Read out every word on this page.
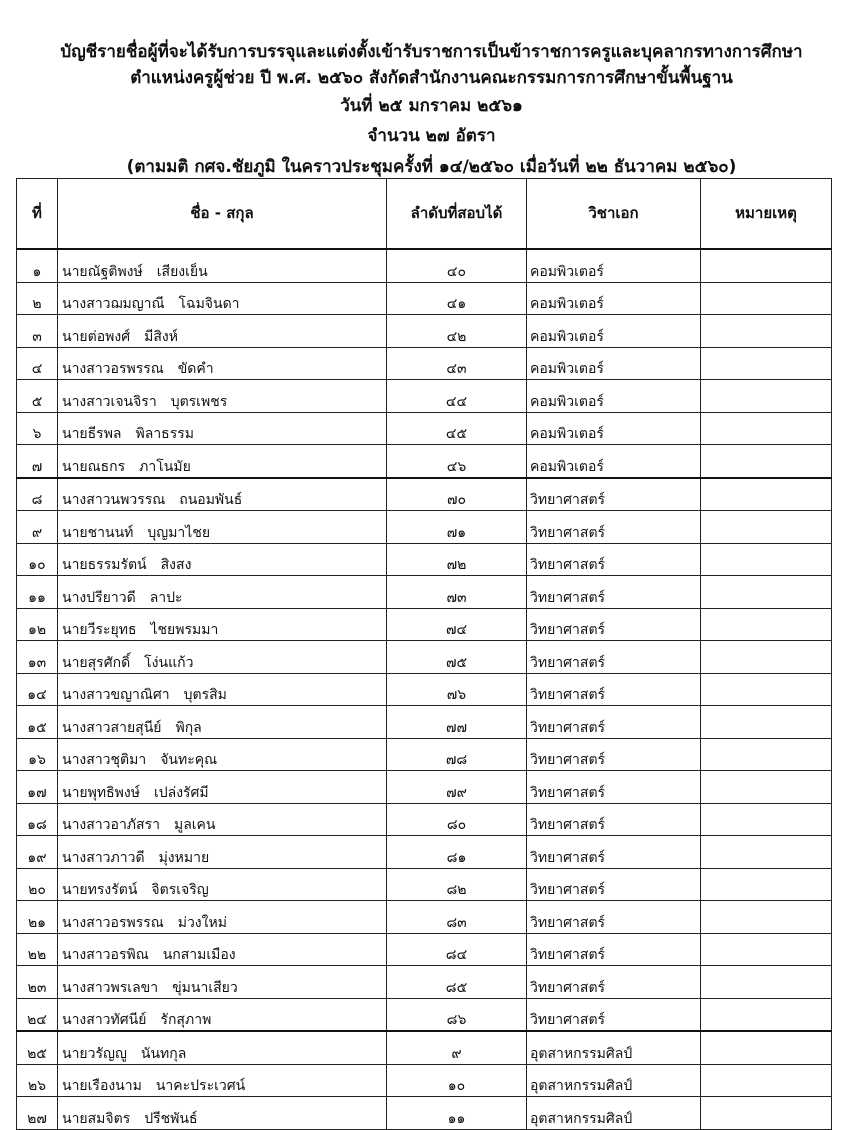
บัญชีรายชื่อผู้ที่จะได้รับการบรรจุและแต่งตั้งเข้ารับราชการเป็นข้าราชการครูและบุคลากรทางการศึกษา
ตำแหน่งครูผู้ช่วย ปี พ.ศ. ๒๕๖๐ สังกัดสำนักงานคณะกรรมการการศึกษาขั้นพื้นฐาน
วันที่ ๒๕ มกราคม ๒๕๖๑
จำนวน ๒๗ อัตรา
(ตามมติ กศจ.ชัยภูมิ ในคราวประชุมครั้งที่ ๑๔/๒๕๖๐ เมื่อวันที่ ๒๒ ธันวาคม ๒๕๖๐)
ที่	ชื่อ - สกุล	ลำดับที่สอบได้	วิชาเอก	หมายเหตุ
๑	นายณัฐติพงษ์ เสียงเย็น	๔๐	คอมพิวเตอร์	
๒	นางสาวฌมญาณี โฉมจินดา	๔๑	คอมพิวเตอร์	
๓	นายต่อพงศ์ มีสิงห์	๔๒	คอมพิวเตอร์	
๔	นางสาวอรพรรณ ขัดคำ	๔๓	คอมพิวเตอร์	
๕	นางสาวเจนจิรา บุตรเพชร	๔๔	คอมพิวเตอร์	
๖	นายธีรพล พิลาธรรม	๔๕	คอมพิวเตอร์	
๗	นายณธกร ภาโนมัย	๔๖	คอมพิวเตอร์	
๘	นางสาวนพวรรณ ถนอมพันธ์	๗๐	วิทยาศาสตร์	
๙	นายชานนท์ บุญมาไชย	๗๑	วิทยาศาสตร์	
๑๐	นายธรรมรัตน์ สิงสง	๗๒	วิทยาศาสตร์	
๑๑	นางปรียาวดี ลาปะ	๗๓	วิทยาศาสตร์	
๑๒	นายวีระยุทธ ไชยพรมมา	๗๔	วิทยาศาสตร์	
๑๓	นายสุรศักดิ์ โง่นแก้ว	๗๕	วิทยาศาสตร์	
๑๔	นางสาวขญาณิศา บุตรสิม	๗๖	วิทยาศาสตร์	
๑๕	นางสาวสายสุนีย์ พิกุล	๗๗	วิทยาศาสตร์	
๑๖	นางสาวชุติมา จันทะคุณ	๗๘	วิทยาศาสตร์	
๑๗	นายพุทธิพงษ์ เปล่งรัศมี	๗๙	วิทยาศาสตร์	
๑๘	นางสาวอาภัสรา มูลเคน	๘๐	วิทยาศาสตร์	
๑๙	นางสาวภาวดี มุ่งหมาย	๘๑	วิทยาศาสตร์	
๒๐	นายทรงรัตน์ จิตรเจริญ	๘๒	วิทยาศาสตร์	
๒๑	นางสาวอรพรรณ ม่วงใหม่	๘๓	วิทยาศาสตร์	
๒๒	นางสาวอรพิณ นกสามเมือง	๘๔	วิทยาศาสตร์	
๒๓	นางสาวพรเลขา ขุ่มนาเสียว	๘๕	วิทยาศาสตร์	
๒๔	นางสาวทัศนีย์ รักสุภาพ	๘๖	วิทยาศาสตร์	
๒๕	นายวรัญญู นันทกุล	๙	อุตสาหกรรมศิลป์	
๒๖	นายเรืองนาม นาคะประเวศน์	๑๐	อุตสาหกรรมศิลป์	
๒๗	นายสมจิตร ปรีชพันธ์	๑๑	อุตสาหกรรมศิลป์	
